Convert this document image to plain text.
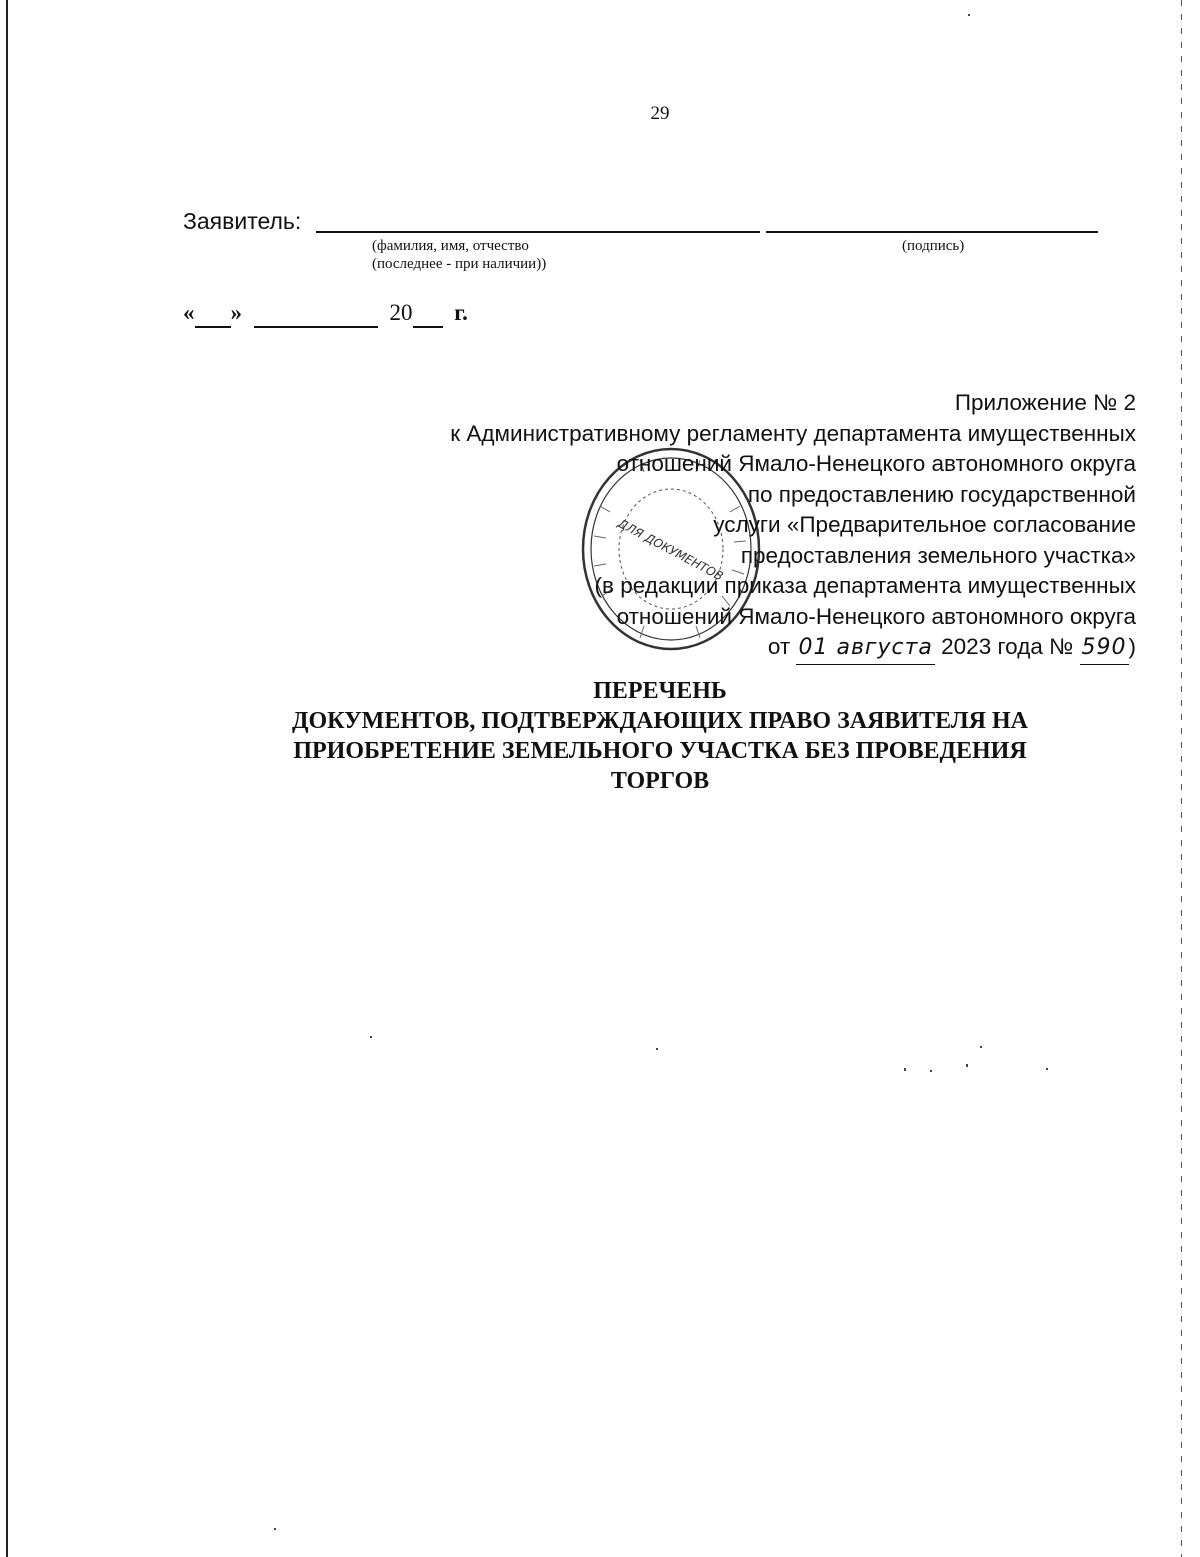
29
Заявитель:
(фамилия, имя, отчество
(последнее - при наличии))
(подпись)
« »	20 г.
ДЛЯ ДОКУМЕНТОВ
Приложение № 2
к Административному регламенту департамента имущественных
отношений Ямало-Ненецкого автономного округа
по предоставлению государственной
услуги «Предварительное согласование
предоставления земельного участка»
(в редакции приказа департамента имущественных
отношений Ямало-Ненецкого автономного округа
от 01 августа 2023 года № 590)
ПЕРЕЧЕНЬ
ДОКУМЕНТОВ, ПОДТВЕРЖДАЮЩИХ ПРАВО ЗАЯВИТЕЛЯ НА
ПРИОБРЕТЕНИЕ ЗЕМЕЛЬНОГО УЧАСТКА БЕЗ ПРОВЕДЕНИЯ
ТОРГОВ
